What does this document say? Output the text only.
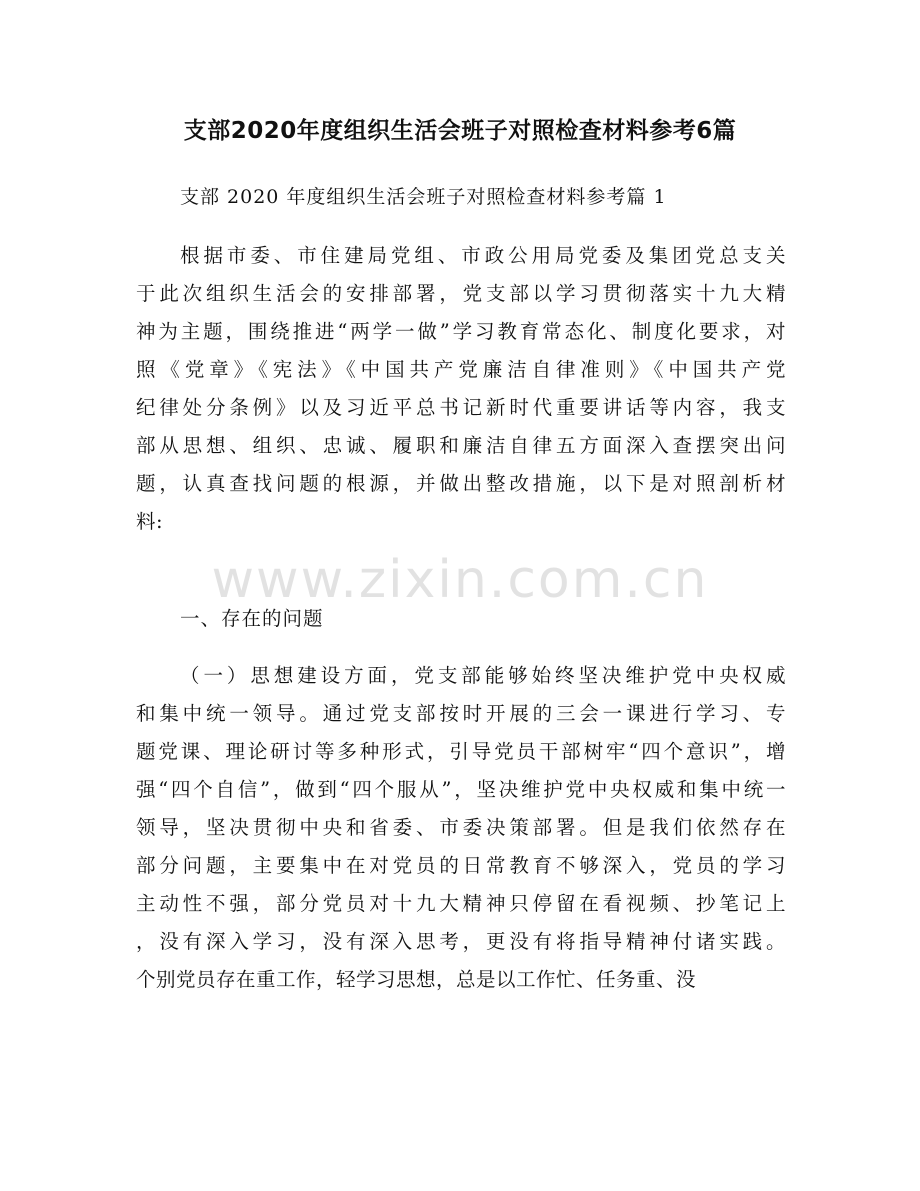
支部2020年度组织生活会班子对照检查材料参考6篇
支部 2020 年度组织生活会班子对照检查材料参考篇 1
根据市委、市住建局党组、市政公用局党委及集团党总支关
于此次组织生活会的安排部署，党支部以学习贯彻落实十九大精
神为主题，围绕推进“两学一做”学习教育常态化、制度化要求，对
照《党章》《宪法》《中国共产党廉洁自律准则》《中国共产党
纪律处分条例》以及习近平总书记新时代重要讲话等内容，我支
部从思想、组织、忠诚、履职和廉洁自律五方面深入查摆突出问
题，认真查找问题的根源，并做出整改措施，以下是对照剖析材
料:
一、存在的问题
（一）思想建设方面，党支部能够始终坚决维护党中央权威
和集中统一领导。通过党支部按时开展的三会一课进行学习、专
题党课、理论研讨等多种形式，引导党员干部树牢“四个意识”，增
强“四个自信”，做到“四个服从”，坚决维护党中央权威和集中统一
领导，坚决贯彻中央和省委、市委决策部署。但是我们依然存在
部分问题，主要集中在对党员的日常教育不够深入，党员的学习
主动性不强，部分党员对十九大精神只停留在看视频、抄笔记上
，没有深入学习，没有深入思考，更没有将指导精神付诸实践。
个别党员存在重工作，轻学习思想，总是以工作忙、任务重、没
www.zixin.com.cn
